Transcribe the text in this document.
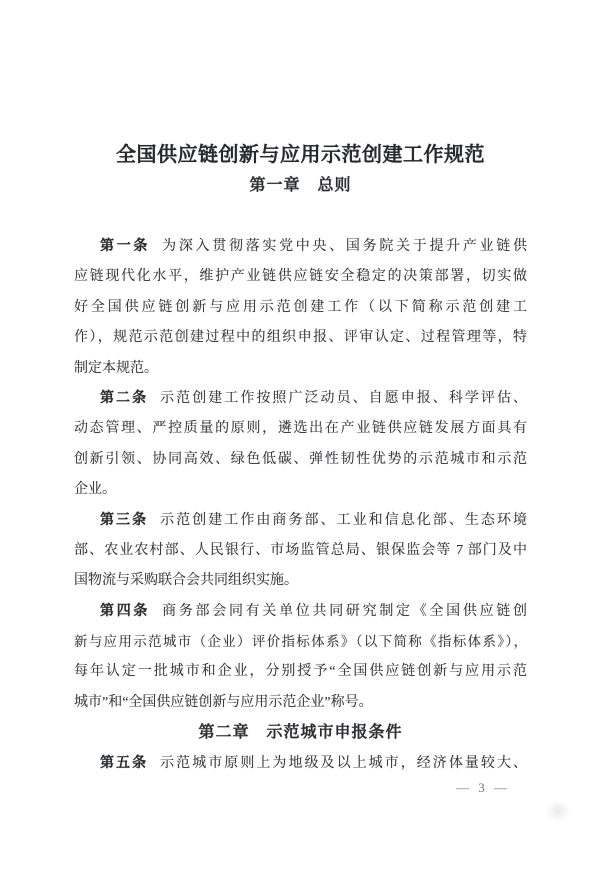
全国供应链创新与应用示范创建工作规范
第一章　总则
第一条 为深入贯彻落实党中央、国务院关于提升产业链供
应链现代化水平，维护产业链供应链安全稳定的决策部署，切实做
好全国供应链创新与应用示范创建工作（以下简称示范创建工
作），规范示范创建过程中的组织申报、评审认定、过程管理等，特
制定本规范。
第二条 示范创建工作按照广泛动员、自愿申报、科学评估、
动态管理、严控质量的原则，遴选出在产业链供应链发展方面具有
创新引领、协同高效、绿色低碳、弹性韧性优势的示范城市和示范
企业。
第三条 示范创建工作由商务部、工业和信息化部、生态环境
部、农业农村部、人民银行、市场监管总局、银保监会等 7 部门及中
国物流与采购联合会共同组织实施。
第四条 商务部会同有关单位共同研究制定《全国供应链创
新与应用示范城市（企业）评价指标体系》（以下简称《指标体系》），
每年认定一批城市和企业，分别授予“全国供应链创新与应用示范
城市”和“全国供应链创新与应用示范企业”称号。
第二章　示范城市申报条件
第五条 示范城市原则上为地级及以上城市，经济体量较大、
— 3 —
